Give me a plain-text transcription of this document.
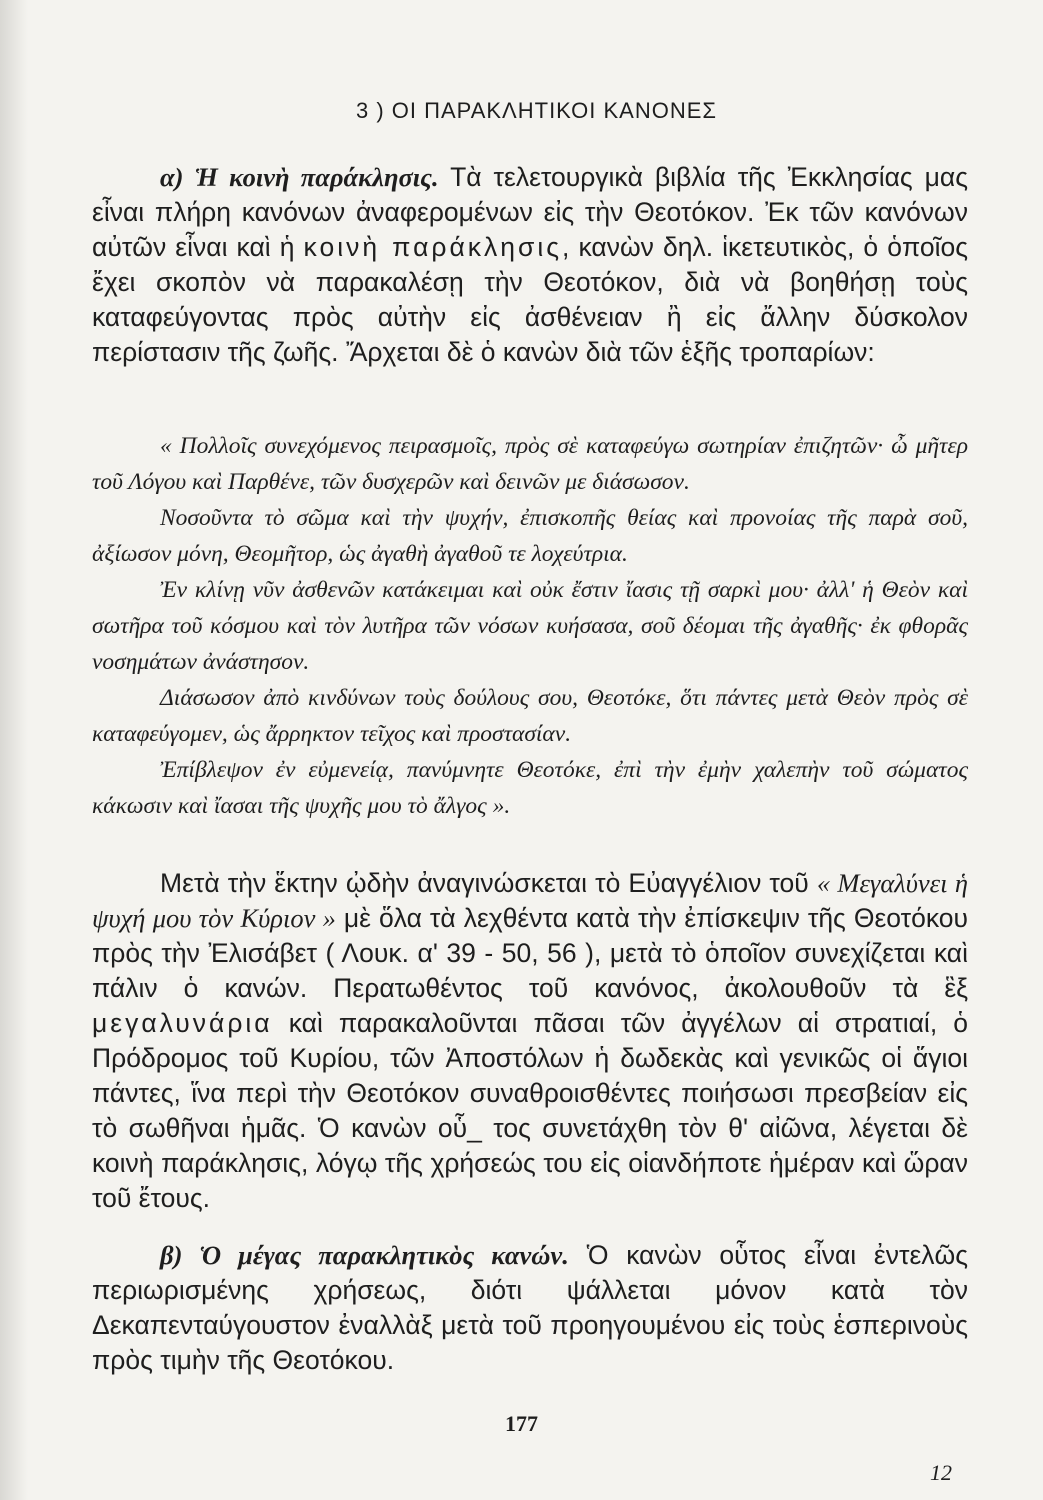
3 ) ΟΙ ΠΑΡΑΚΛΗΤΙΚΟΙ ΚΑΝΟΝΕΣ

α) Ἡ κοινὴ παράκλησις. Τὰ τελετουργικὰ βιβλία τῆς Ἐκκλησίας μας εἶναι πλήρη κανόνων ἀναφερομένων εἰς τὴν Θεοτόκον. Ἐκ τῶν κανόνων αὐτῶν εἶναι καὶ ἡ κοινὴ παράκλησις, κανὼν δηλ. ἱκετευτικὸς, ὁ ὁποῖος ἔχει σκοπὸν νὰ παρακαλέσῃ τὴν Θεοτόκον, διὰ νὰ βοηθήσῃ τοὺς καταφεύγοντας πρὸς αὐτὴν εἰς ἀσθένειαν ἢ εἰς ἄλλην δύσκολον περίστασιν τῆς ζωῆς. Ἄρχεται δὲ ὁ κανὼν διὰ τῶν ἑξῆς τροπαρίων:

« Πολλοῖς συνεχόμενος πειρασμοῖς, πρὸς σὲ καταφεύγω σωτηρίαν ἐπιζητῶν· ὦ μῆτερ τοῦ Λόγου καὶ Παρθένε, τῶν δυσχερῶν καὶ δεινῶν με διάσωσον.

Νοσοῦντα τὸ σῶμα καὶ τὴν ψυχήν, ἐπισκοπῆς θείας καὶ προνοίας τῆς παρὰ σοῦ, ἀξίωσον μόνη, Θεομῆτορ, ὡς ἀγαθὴ ἀγαθοῦ τε λοχεύτρια.

Ἐν κλίνῃ νῦν ἀσθενῶν κατάκειμαι καὶ οὐκ ἔστιν ἴασις τῇ σαρκὶ μου· ἀλλ' ἡ Θεὸν καὶ σωτῆρα τοῦ κόσμου καὶ τὸν λυτῆρα τῶν νόσων κυήσασα, σοῦ δέομαι τῆς ἀγαθῆς· ἐκ φθορᾶς νοσημάτων ἀνάστησον.

Διάσωσον ἀπὸ κινδύνων τοὺς δούλους σου, Θεοτόκε, ὅτι πάντες μετὰ Θεὸν πρὸς σὲ καταφεύγομεν, ὡς ἄρρηκτον τεῖχος καὶ προστασίαν.

Ἐπίβλεψον ἐν εὐμενείᾳ, πανύμνητε Θεοτόκε, ἐπὶ τὴν ἐμὴν χαλεπὴν τοῦ σώματος κάκωσιν καὶ ἴασαι τῆς ψυχῆς μου τὸ ἄλγος ».

Μετὰ τὴν ἕκτην ᾠδὴν ἀναγινώσκεται τὸ Εὐαγγέλιον τοῦ « Μεγαλύνει ἡ ψυχή μου τὸν Κύριον » μὲ ὅλα τὰ λεχθέντα κατὰ τὴν ἐπίσκεψιν τῆς Θεοτόκου πρὸς τὴν Ἐλισάβετ ( Λουκ. α' 39 - 50, 56 ), μετὰ τὸ ὁποῖον συνεχίζεται καὶ πάλιν ὁ κανών. Περατωθέντος τοῦ κανόνος, ἀκολουθοῦν τὰ ἓξ μεγαλυνάρια καὶ παρακαλοῦνται πᾶσαι τῶν ἀγγέλων αἱ στρατιαί, ὁ Πρόδρομος τοῦ Κυρίου, τῶν Ἀποστόλων ἡ δωδεκὰς καὶ γενικῶς οἱ ἅγιοι πάντες, ἵνα περὶ τὴν Θεοτόκον συναθροισθέντες ποιήσωσι πρεσβείαν εἰς τὸ σωθῆναι ἡμᾶς. Ὁ κανὼν οὗ_ τος συνετάχθη τὸν θ' αἰῶνα, λέγεται δὲ κοινὴ παράκλησις, λόγῳ τῆς χρήσεώς του εἰς οἱανδήποτε ἡμέραν καὶ ὥραν τοῦ ἔτους.

β) Ὁ μέγας παρακλητικὸς κανών. Ὁ κανὼν οὗτος εἶναι ἐντελῶς περιωρισμένης χρήσεως, διότι ψάλλεται μόνον κατὰ τὸν Δεκαπενταύγουστον ἐναλλὰξ μετὰ τοῦ προηγουμένου εἰς τοὺς ἑσπερινοὺς πρὸς τιμὴν τῆς Θεοτόκου.

177
12
